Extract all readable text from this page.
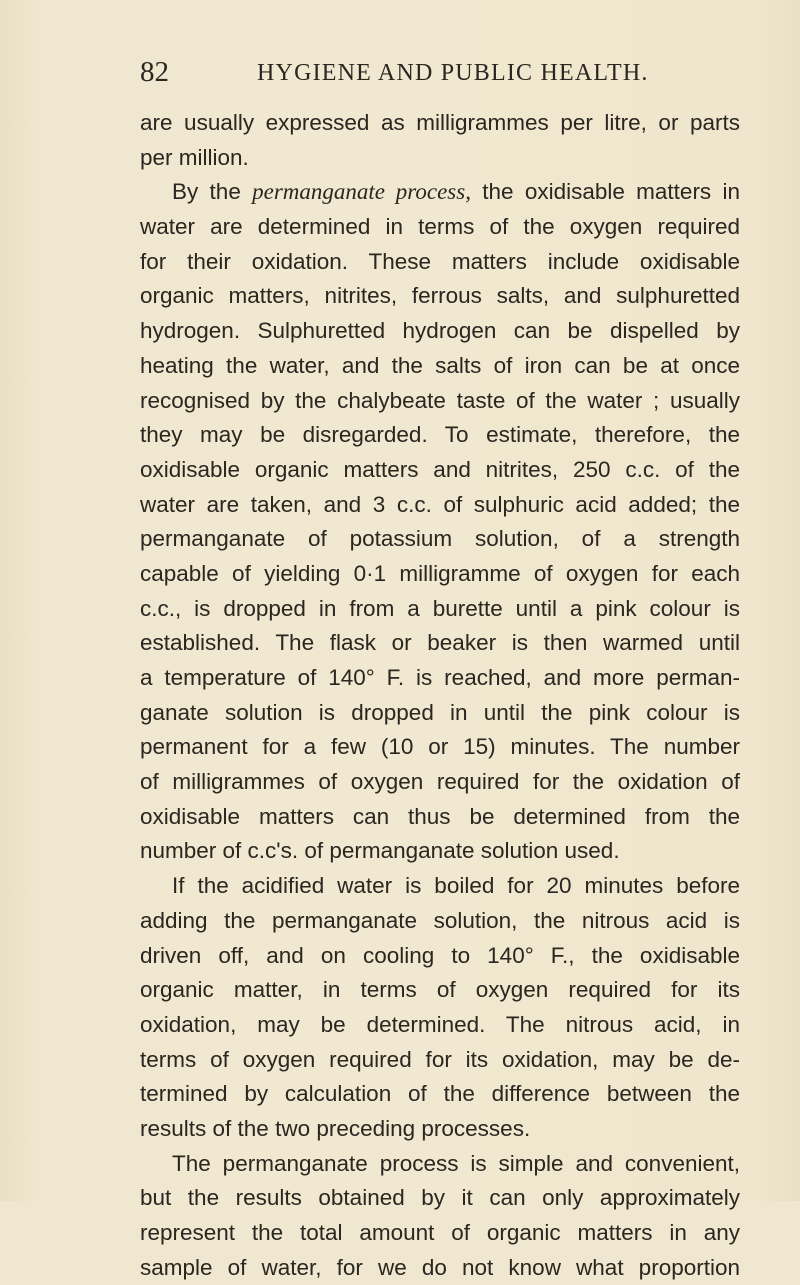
82	HYGIENE AND PUBLIC HEALTH.
are usually expressed as milligrammes per litre, or parts
per million.
By the permanganate process, the oxidisable matters in
water are determined in terms of the oxygen required
for their oxidation. These matters include oxidisable
organic matters, nitrites, ferrous salts, and sulphuretted
hydrogen. Sulphuretted hydrogen can be dispelled by
heating the water, and the salts of iron can be at once
recognised by the chalybeate taste of the water ; usually
they may be disregarded. To estimate, therefore, the
oxidisable organic matters and nitrites, 250 c.c. of the
water are taken, and 3 c.c. of sulphuric acid added; the
permanganate of potassium solution, of a strength
capable of yielding 0·1 milligramme of oxygen for each
c.c., is dropped in from a burette until a pink colour is
established. The flask or beaker is then warmed until
a temperature of 140° F. is reached, and more perman-
ganate solution is dropped in until the pink colour is
permanent for a few (10 or 15) minutes. The number
of milligrammes of oxygen required for the oxidation of
oxidisable matters can thus be determined from the
number of c.c's. of permanganate solution used.
If the acidified water is boiled for 20 minutes before
adding the permanganate solution, the nitrous acid is
driven off, and on cooling to 140° F., the oxidisable
organic matter, in terms of oxygen required for its
oxidation, may be determined. The nitrous acid, in
terms of oxygen required for its oxidation, may be de-
termined by calculation of the difference between the
results of the two preceding processes.
The permanganate process is simple and convenient,
but the results obtained by it can only approximately
represent the total amount of organic matters in any
sample of water, for we do not know what proportion
